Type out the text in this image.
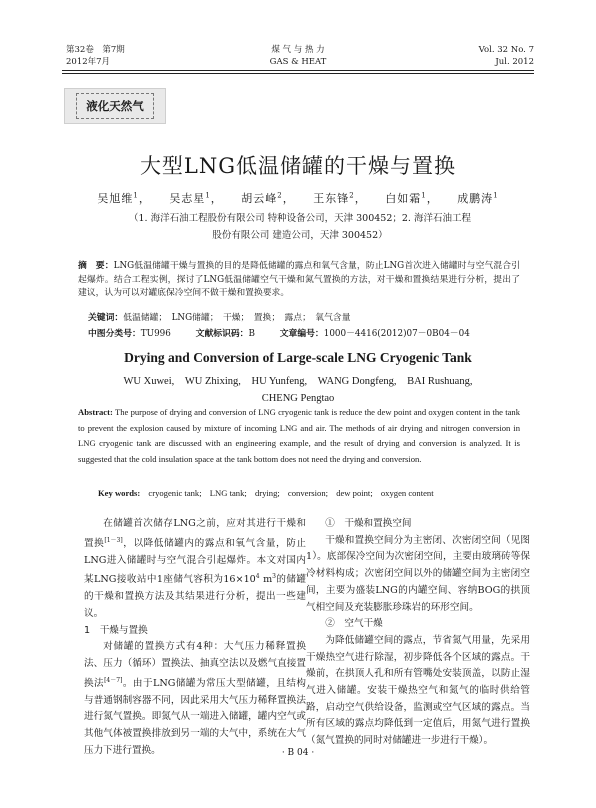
第32卷　第7期
2012年7月
煤 气 与 热 力
GAS & HEAT
Vol. 32 No. 7
Jul. 2012
液化天然气
大型LNG低温储罐的干燥与置换
吴旭维$^1$， 吴志星$^1$， 胡云峰$^2$， 王东锋$^2$， 白如霜$^1$， 成鹏涛$^1$
（1. 海洋石油工程股份有限公司 特种设备公司，天津 300452；2. 海洋石油工程
股份有限公司 建造公司，天津 300452）
摘　要：LNG低温储罐干燥与置换的目的是降低储罐的露点和氧气含量，防止LNG首次进入储罐时与空气混合引起爆炸。结合工程实例，探讨了LNG低温储罐空气干燥和氮气置换的方法，对干燥和置换结果进行分析，提出了建议，认为可以对罐底保冷空间不做干燥和置换要求。
关键词：低温储罐；　LNG储罐；　干燥；　置换；　露点；　氧气含量
中图分类号：TU996	文献标识码：B	文章编号：1000－4416(2012)07－0B04－04
Drying and Conversion of Large-scale LNG Cryogenic Tank
WU Xuwei, WU Zhixing, HU Yunfeng, WANG Dongfeng, BAI Rushuang,
CHENG Pengtao
Abstract: The purpose of drying and conversion of LNG cryogenic tank is reduce the dew point and oxygen content in the tank to prevent the explosion caused by mixture of incoming LNG and air. The methods of air drying and nitrogen conversion in LNG cryogenic tank are discussed with an engineering example, and the result of drying and conversion is analyzed. It is suggested that the cold insulation space at the tank bottom does not need the drying and conversion.
Key words: cryogenic tank; LNG tank; drying; conversion; dew point; oxygen content

在储罐首次储存LNG之前，应对其进行干燥和置换[1－3]，以降低储罐内的露点和氧气含量，防止LNG进入储罐时与空气混合引起爆炸。本文对国内某LNG接收站中1座储气容积为$16\times 10^4$ $m^3$的储罐的干燥和置换方法及其结果进行分析，提出一些建议。

1　干燥与置换

对储罐的置换方式有4种：大气压力稀释置换法、压力（循环）置换法、抽真空法以及燃气直接置换法[4－7]。由于LNG储罐为常压大型储罐，且结构与普通钢制容器不同，因此采用大气压力稀释置换法进行氮气置换。即氮气从一端进入储罐，罐内空气或其他气体被置换排放到另一端的大气中，系统在大气压力下进行置换。

①　干燥和置换空间

干燥和置换空间分为主密闭、次密闭空间（见图1）。底部保冷空间为次密闭空间，主要由玻璃砖等保冷材料构成；次密闭空间以外的储罐空间为主密闭空间，主要为盛装LNG的内罐空间、容纳BOG的拱顶气相空间及充装膨胀珍珠岩的环形空间。

②　空气干燥

为降低储罐空间的露点，节省氮气用量，先采用干燥热空气进行除湿，初步降低各个区域的露点。干燥前，在拱顶人孔和所有管嘴处安装顶盖，以防止湿气进入储罐。安装干燥热空气和氮气的临时供给管路，启动空气供给设备，监测或空气区域的露点。当所有区域的露点均降低到一定值后，用氮气进行置换（氮气置换的同时对储罐进一步进行干燥）。

· B 04 ·
